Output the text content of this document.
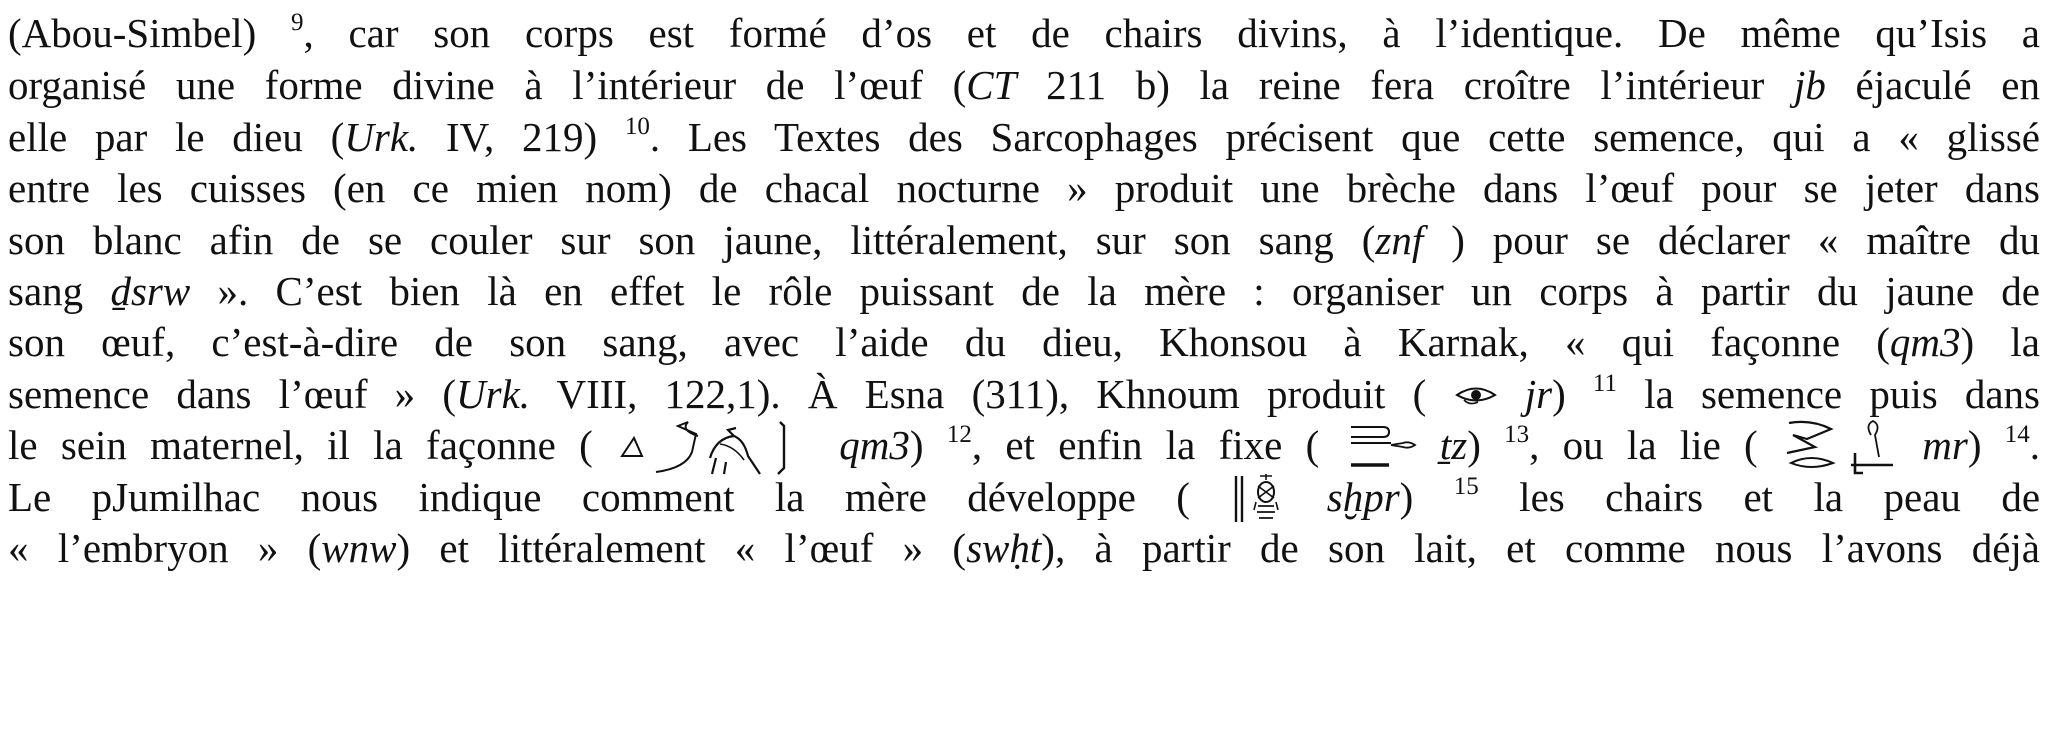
(Abou-Simbel) $^9$, car son corps est formé d’os et de chairs divins, à l’identique. De même qu’Isis a
organisé une forme divine à l’intérieur de l’œuf (CT 211 b) la reine fera croître l’intérieur jb éjaculé en
elle par le dieu (Urk. IV, 219) $^{10}$. Les Textes des Sarcophages précisent que cette semence, qui a « glissé
entre les cuisses (en ce mien nom) de chacal nocturne » produit une brèche dans l’œuf pour se jeter dans
son blanc afin de se couler sur son jaune, littéralement, sur son sang (znf ) pour se déclarer « maître du
sang ḏsrw ». C’est bien là en effet le rôle puissant de la mère : organiser un corps à partir du jaune de
son œuf, c’est-à-dire de son sang, avec l’aide du dieu, Khonsou à Karnak, « qui façonne (qm3) la
semence dans l’œuf » (Urk. VIII, 122,1). À Esna (311), Khnoum produit (
jr) $^{11}$ la semence puis dans
le sein maternel, il la façonne (	qm3) $^{12}$, et enfin la fixe (
ṯz) $^{13}$, ou la lie (	mr) $^{14}$.
Le pJumilhac nous indique comment la mère développe (
sḫpr) $^{15}$ les chairs et la peau de
« l’embryon » (wnw) et littéralement « l’œuf » (swḥt), à partir de son lait, et comme nous l’avons déjà
